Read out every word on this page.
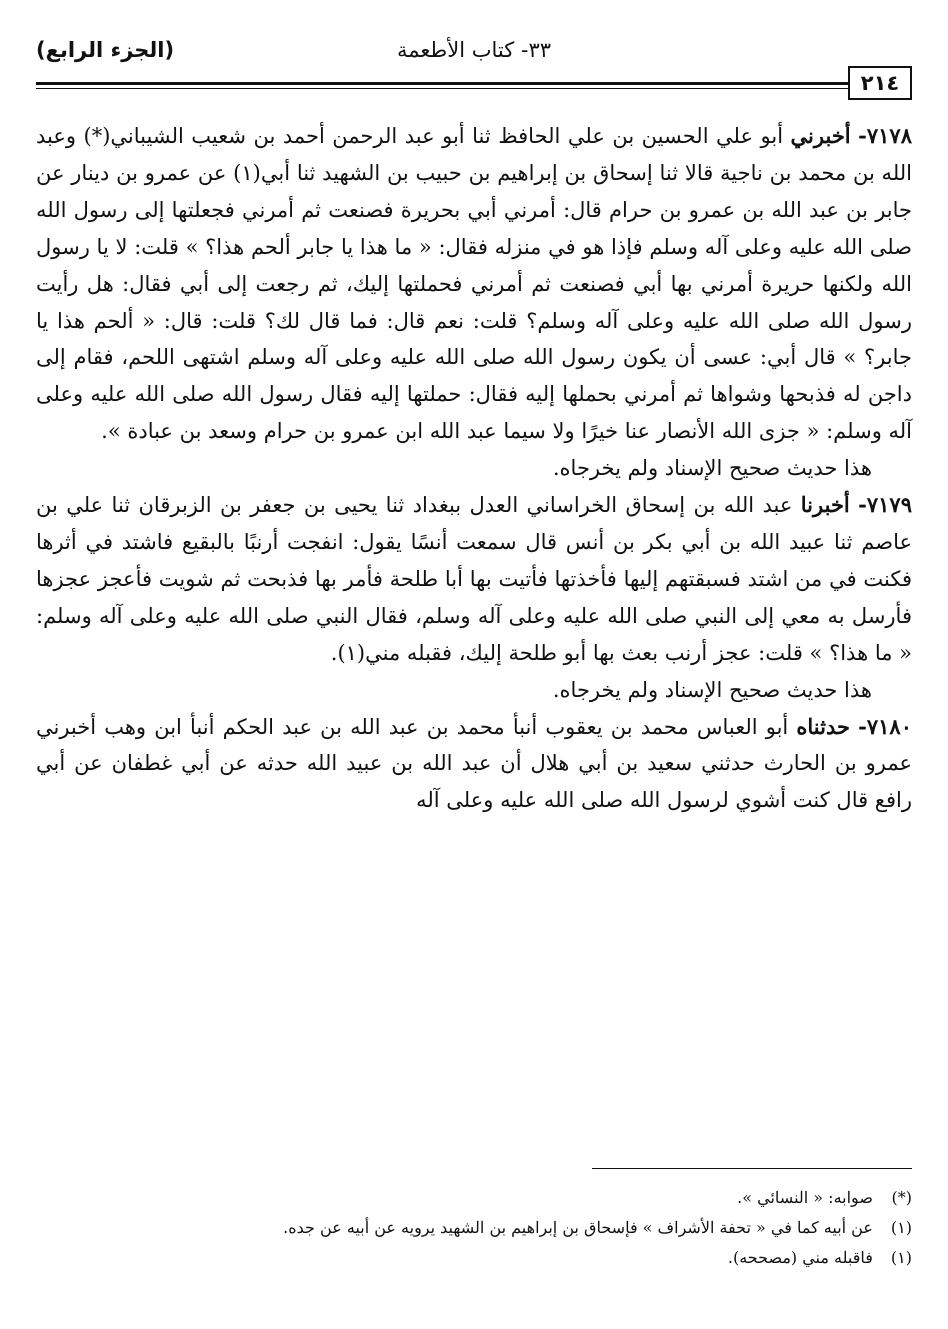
(الجزء الرابع)	٣٣- كتاب الأطعمة
٢١٤

٧١٧٨- أخبرني أبو علي الحسين بن علي الحافظ ثنا أبو عبد الرحمن أحمد بن شعيب الشيباني(*) وعبد الله بن محمد بن ناجية قالا ثنا إسحاق بن إبراهيم بن حبيب بن الشهيد ثنا أبي(١) عن عمرو بن دينار عن جابر بن عبد الله بن عمرو بن حرام قال: أمرني أبي بحريرة فصنعت ثم أمرني فجعلتها إلى رسول الله صلى الله عليه وعلى آله وسلم فإذا هو في منزله فقال: « ما هذا يا جابر ألحم هذا؟ » قلت: لا يا رسول الله ولكنها حريرة أمرني بها أبي فصنعت ثم أمرني فحملتها إليك، ثم رجعت إلى أبي فقال: هل رأيت رسول الله صلى الله عليه وعلى آله وسلم؟ قلت: نعم قال: فما قال لك؟ قلت: قال: « ألحم هذا يا جابر؟ » قال أبي: عسى أن يكون رسول الله صلى الله عليه وعلى آله وسلم اشتهى اللحم، فقام إلى داجن له فذبحها وشواها ثم أمرني بحملها إليه فقال: حملتها إليه فقال رسول الله صلى الله عليه وعلى آله وسلم: « جزى الله الأنصار عنا خيرًا ولا سيما عبد الله ابن عمرو بن حرام وسعد بن عبادة ».

هذا حديث صحيح الإسناد ولم يخرجاه.

٧١٧٩- أخبرنا عبد الله بن إسحاق الخراساني العدل ببغداد ثنا يحيى بن جعفر بن الزبرقان ثنا علي بن عاصم ثنا عبيد الله بن أبي بكر بن أنس قال سمعت أنسًا يقول: انفجت أرنبًا بالبقيع فاشتد في أثرها فكنت في من اشتد فسبقتهم إليها فأخذتها فأتيت بها أبا طلحة فأمر بها فذبحت ثم شويت فأعجز عجزها فأرسل به معي إلى النبي صلى الله عليه وعلى آله وسلم، فقال النبي صلى الله عليه وعلى آله وسلم: « ما هذا؟ » قلت: عجز أرنب بعث بها أبو طلحة إليك، فقبله مني(١).

هذا حديث صحيح الإسناد ولم يخرجاه.

٧١٨٠- حدثناه أبو العباس محمد بن يعقوب أنبأ محمد بن عبد الله بن عبد الحكم أنبأ ابن وهب أخبرني عمرو بن الحارث حدثني سعيد بن أبي هلال أن عبد الله بن عبيد الله حدثه عن أبي غطفان عن أبي رافع قال كنت أشوي لرسول الله صلى الله عليه وعلى آله

(*) صوابه: « النسائي ».

(١) عن أبيه كما في « تحفة الأشراف » فإسحاق بن إبراهيم بن الشهيد يرويه عن أبيه عن جده.

(١) فاقبله مني (مصححه).
